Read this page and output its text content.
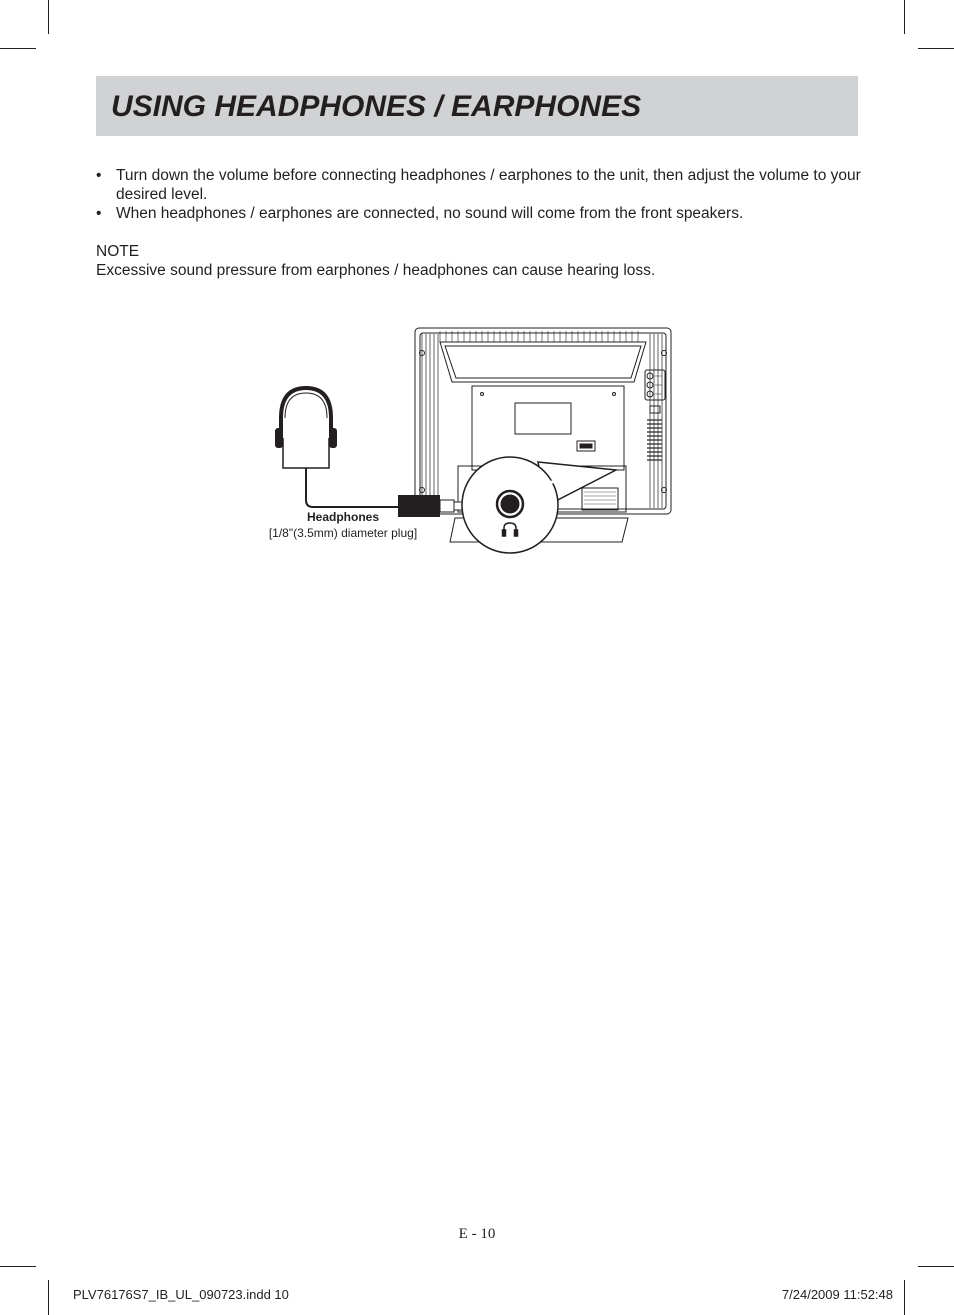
USING HEADPHONES / EARPHONES
• Turn down the volume before connecting headphones / earphones to the unit, then adjust the volume to your desired level.
• When headphones / earphones are connected, no sound will come from the front speakers.
NOTE
Excessive sound pressure from earphones / headphones can cause hearing loss.
Headphones
[1/8"(3.5mm) diameter plug]
E - 10
PLV76176S7_IB_UL_090723.indd 10	7/24/2009 11:52:48
